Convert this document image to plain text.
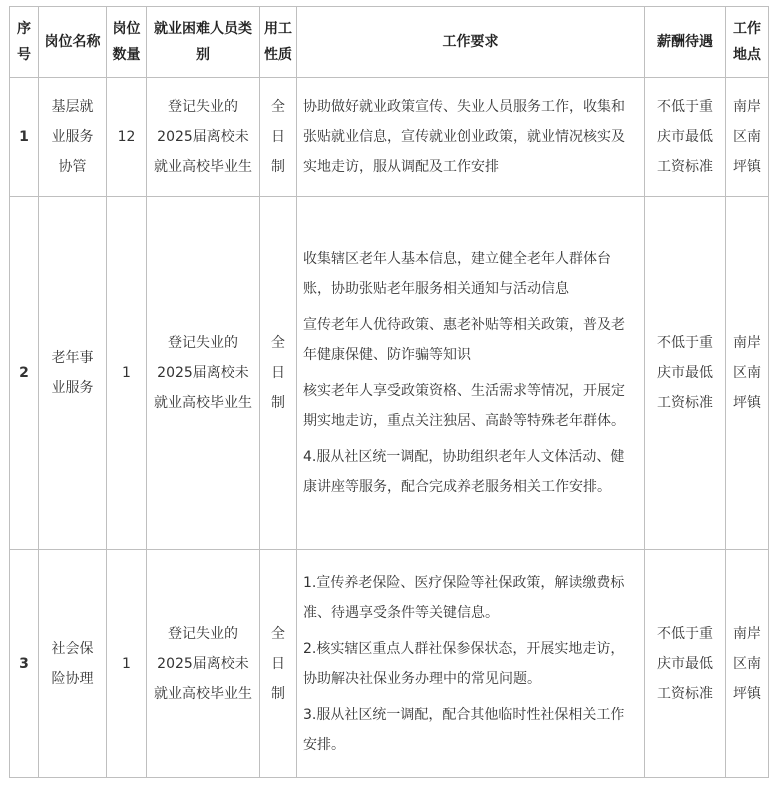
序号	岗位名称	岗位数量	就业困难人员类别	用工性质	工作要求	薪酬待遇	工作地点
1	基层就业服务协管	12	登记失业的2025届离校未就业高校毕业生	全日制	协助做好就业政策宣传、失业人员服务工作，收集和张贴就业信息，宣传就业创业政策，就业情况核实及实地走访，服从调配及工作安排	不低于重庆市最低工资标准	南岸区南坪镇
2	老年事业服务	1	登记失业的2025届离校未就业高校毕业生	全日制	收集辖区老年人基本信息，建立健全老年人群体台账，协助张贴老年服务相关通知与活动信息

宣传老年人优待政策、惠老补贴等相关政策，普及老年健康保健、防诈骗等知识

核实老年人享受政策资格、生活需求等情况，开展定期实地走访，重点关注独居、高龄等特殊老年群体。

4.服从社区统一调配，协助组织老年人文体活动、健康讲座等服务，配合完成养老服务相关工作安排。	不低于重庆市最低工资标准	南岸区南坪镇
3	社会保险协理	1	登记失业的2025届离校未就业高校毕业生	全日制	1.宣传养老保险、医疗保险等社保政策，解读缴费标准、待遇享受条件等关键信息。

2.核实辖区重点人群社保参保状态，开展实地走访，协助解决社保业务办理中的常见问题。

3.服从社区统一调配，配合其他临时性社保相关工作安排。	不低于重庆市最低工资标准	南岸区南坪镇
